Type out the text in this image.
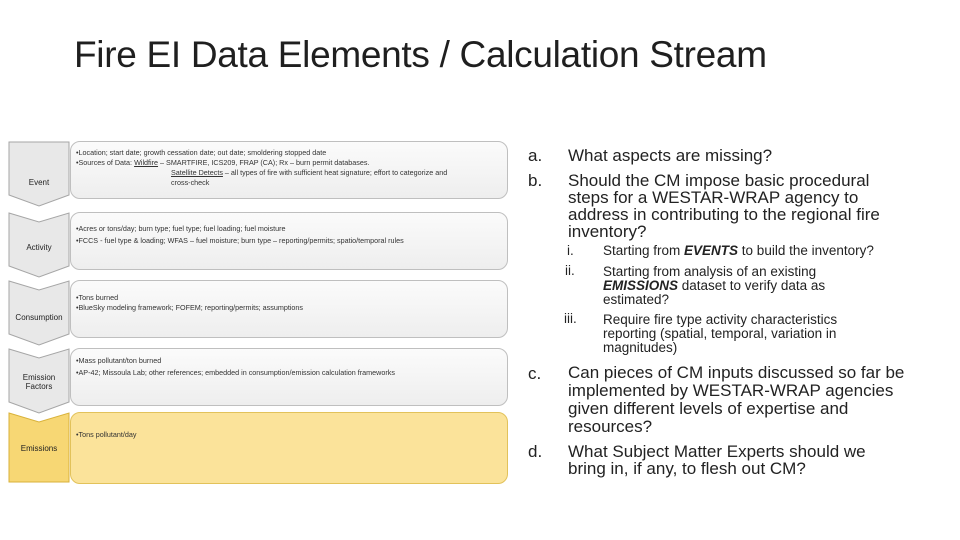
Fire EI Data Elements / Calculation Stream
Event
•Location; start date; growth cessation date; out date; smoldering stopped date
•Sources of Data: Wildfire – SMARTFIRE, ICS209, FRAP (CA); Rx – burn permit databases.
Satellite Detects – all types of fire with sufficient heat signature; effort to categorize and
cross-check
Activity
•Acres or tons/day; burn type; fuel type; fuel loading; fuel moisture
•FCCS - fuel type & loading; WFAS – fuel moisture; burn type – reporting/permits; spatio/temporal rules
Consumption
•Tons burned
•BlueSky modeling framework; FOFEM; reporting/permits; assumptions
Emission Factors
•Mass pollutant/ton burned
•AP-42; Missoula Lab; other references; embedded in consumption/emission calculation frameworks
Emissions
•Tons pollutant/day
a. What aspects are missing?
b. Should the CM impose basic procedural
steps for a WESTAR-WRAP agency to
address in contributing to the regional fire
inventory?
i. Starting from EVENTS to build the inventory?
ii. Starting from analysis of an existing
EMISSIONS dataset to verify data as
estimated?
iii. Require fire type activity characteristics
reporting (spatial, temporal, variation in
magnitudes)
c. Can pieces of CM inputs discussed so far be
implemented by WESTAR-WRAP agencies
given different levels of expertise and
resources?
d. What Subject Matter Experts should we
bring in, if any, to flesh out CM?
